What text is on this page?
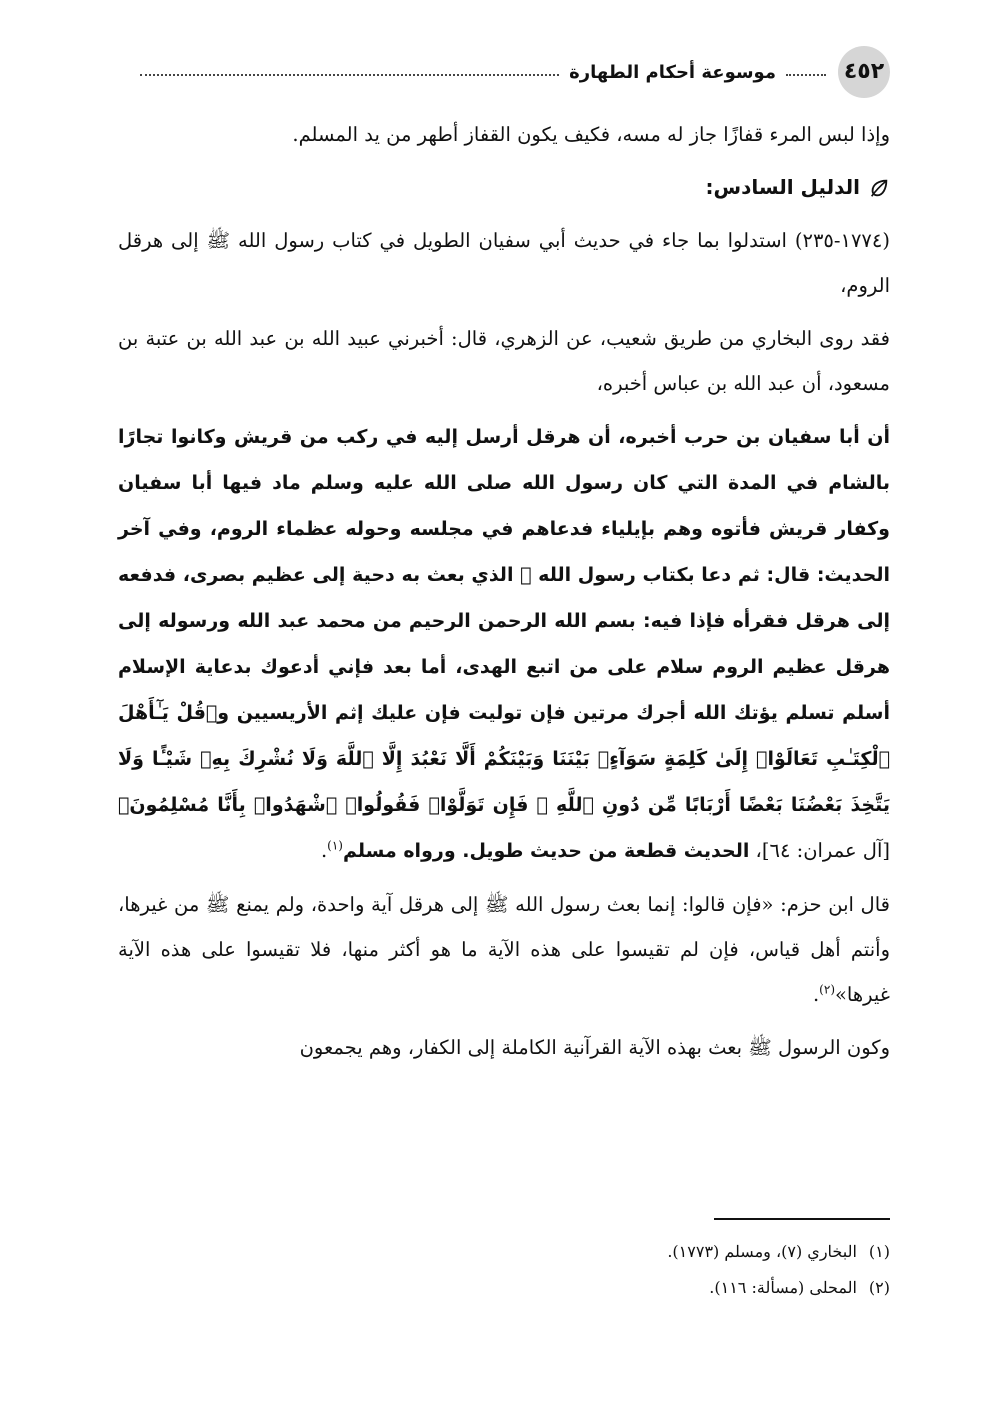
٤٥٢
موسوعة أحكام الطهارة

وإذا لبس المرء قفازًا جاز له مسه، فكيف يكون القفاز أطهر من يد المسلم.

الدليل السادس:

(١٧٧٤-٢٣٥) استدلوا بما جاء في حديث أبي سفيان الطويل في كتاب رسول الله ﷺ إلى هرقل الروم،

فقد روى البخاري من طريق شعيب، عن الزهري، قال: أخبرني عبيد الله بن عبد الله بن عتبة بن مسعود، أن عبد الله بن عباس أخبره،

أن أبا سفيان بن حرب أخبره، أن هرقل أرسل إليه في ركب من قريش وكانوا تجارًا بالشام في المدة التي كان رسول الله صلى الله عليه وسلم ماد فيها أبا سفيان وكفار قريش فأتوه وهم بإيلياء فدعاهم في مجلسه وحوله عظماء الروم، وفي آخر الحديث: قال: ثم دعا بكتاب رسول الله ﷺ الذي بعث به دحية إلى عظيم بصرى، فدفعه إلى هرقل فقرأه فإذا فيه: بسم الله الرحمن الرحيم من محمد عبد الله ورسوله إلى هرقل عظيم الروم سلام على من اتبع الهدى، أما بعد فإني أدعوك بدعاية الإسلام أسلم تسلم يؤتك الله أجرك مرتين فإن توليت فإن عليك إثم الأريسيين و﴿قُلْ يَـٰٓأَهْلَ ٱلْكِتَـٰبِ تَعَالَوْا۟ إِلَىٰ كَلِمَةٍ سَوَآءٍۭ بَيْنَنَا وَبَيْنَكُمْ أَلَّا نَعْبُدَ إِلَّا ٱللَّهَ وَلَا نُشْرِكَ بِهِۦ شَيْـًٔا وَلَا يَتَّخِذَ بَعْضُنَا بَعْضًا أَرْبَابًا مِّن دُونِ ٱللَّهِ ۚ فَإِن تَوَلَّوْا۟ فَقُولُوا۟ ٱشْهَدُوا۟ بِأَنَّا مُسْلِمُونَ﴾ [آل عمران: ٦٤]، الحديث قطعة من حديث طويل. ورواه مسلم$^{(١)}$.

قال ابن حزم: «فإن قالوا: إنما بعث رسول الله ﷺ إلى هرقل آية واحدة، ولم يمنع ﷺ من غيرها، وأنتم أهل قياس، فإن لم تقيسوا على هذه الآية ما هو أكثر منها، فلا تقيسوا على هذه الآية غيرها»$^{(٢)}$.

وكون الرسول ﷺ بعث بهذه الآية القرآنية الكاملة إلى الكفار، وهم يجمعون

(١)
البخاري (٧)، ومسلم (١٧٧٣).
(٢)
المحلى (مسألة: ١١٦).
